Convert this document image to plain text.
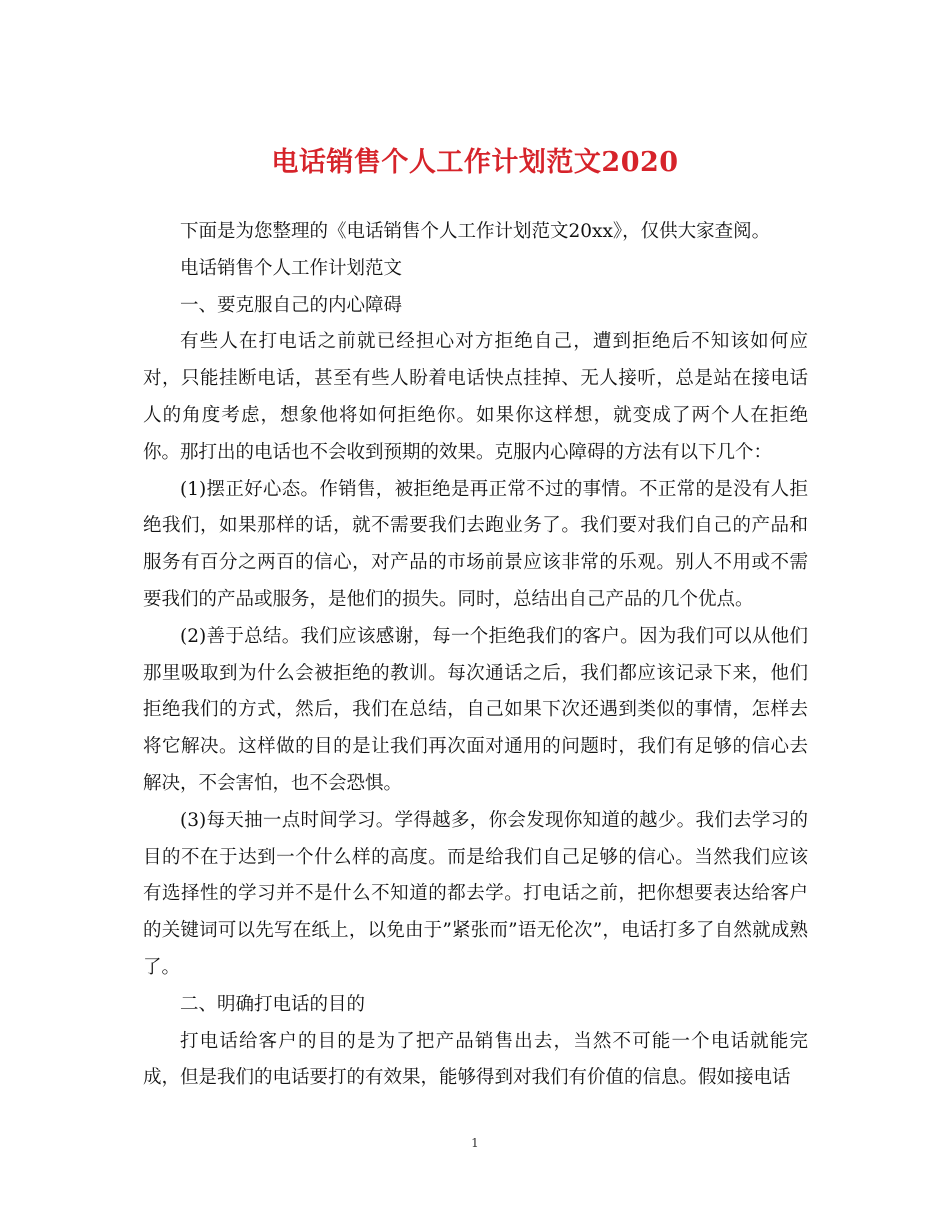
电话销售个人工作计划范文2020

下面是为您整理的《电话销售个人工作计划范文20xx》，仅供大家查阅。

电话销售个人工作计划范文

一、要克服自己的内心障碍

有些人在打电话之前就已经担心对方拒绝自己，遭到拒绝后不知该如何应对，只能挂断电话，甚至有些人盼着电话快点挂掉、无人接听，总是站在接电话人的角度考虑，想象他将如何拒绝你。如果你这样想，就变成了两个人在拒绝你。那打出的电话也不会收到预期的效果。克服内心障碍的方法有以下几个：

(1)摆正好心态。作销售，被拒绝是再正常不过的事情。不正常的是没有人拒绝我们，如果那样的话，就不需要我们去跑业务了。我们要对我们自己的产品和服务有百分之两百的信心，对产品的市场前景应该非常的乐观。别人不用或不需要我们的产品或服务，是他们的损失。同时，总结出自己产品的几个优点。

(2)善于总结。我们应该感谢，每一个拒绝我们的客户。因为我们可以从他们那里吸取到为什么会被拒绝的教训。每次通话之后，我们都应该记录下来，他们拒绝我们的方式，然后，我们在总结，自己如果下次还遇到类似的事情，怎样去将它解决。这样做的目的是让我们再次面对通用的问题时，我们有足够的信心去解决，不会害怕，也不会恐惧。

(3)每天抽一点时间学习。学得越多，你会发现你知道的越少。我们去学习的目的不在于达到一个什么样的高度。而是给我们自己足够的信心。当然我们应该有选择性的学习并不是什么不知道的都去学。打电话之前，把你想要表达给客户的关键词可以先写在纸上，以免由于”紧张而”语无伦次”，电话打多了自然就成熟了。

二、明确打电话的目的

打电话给客户的目的是为了把产品销售出去，当然不可能一个电话就能完成，但是我们的电话要打的有效果，能够得到对我们有价值的信息。假如接电话

1
